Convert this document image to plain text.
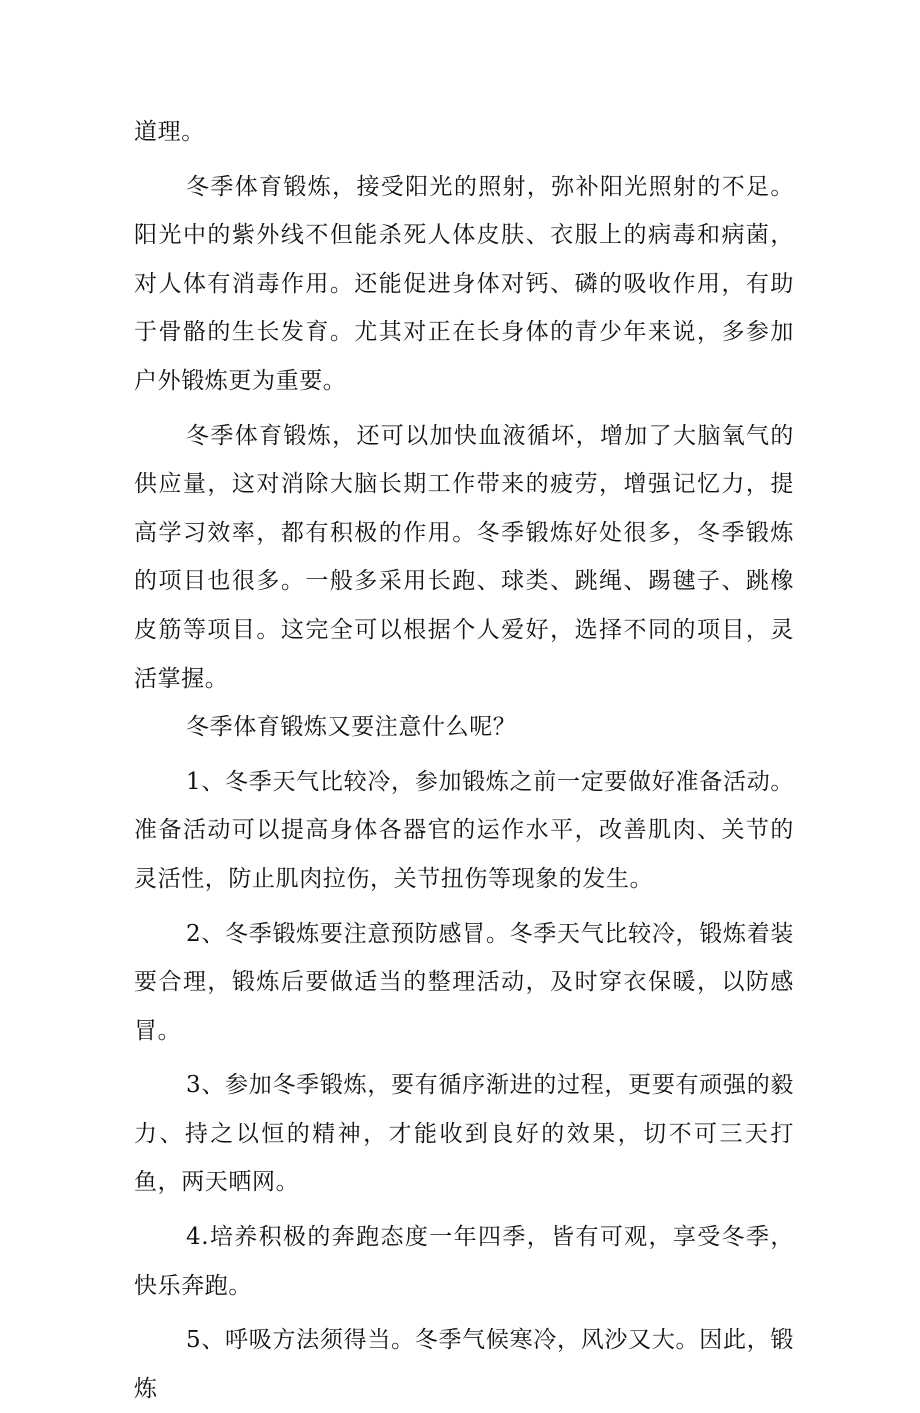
道理。

冬季体育锻炼，接受阳光的照射，弥补阳光照射的不足。阳光中的紫外线不但能杀死人体皮肤、衣服上的病毒和病菌，对人体有消毒作用。还能促进身体对钙、磷的吸收作用，有助于骨骼的生长发育。尤其对正在长身体的青少年来说，多参加户外锻炼更为重要。

冬季体育锻炼，还可以加快血液循坏，增加了大脑氧气的供应量，这对消除大脑长期工作带来的疲劳，增强记忆力，提高学习效率，都有积极的作用。冬季锻炼好处很多，冬季锻炼的项目也很多。一般多采用长跑、球类、跳绳、踢毽子、跳橡皮筋等项目。这完全可以根据个人爱好，选择不同的项目，灵活掌握。

冬季体育锻炼又要注意什么呢？

1、冬季天气比较冷，参加锻炼之前一定要做好准备活动。准备活动可以提高身体各器官的运作水平，改善肌肉、关节的灵活性，防止肌肉拉伤，关节扭伤等现象的发生。

2、冬季锻炼要注意预防感冒。冬季天气比较冷，锻炼着装要合理，锻炼后要做适当的整理活动，及时穿衣保暖，以防感冒。

3、参加冬季锻炼，要有循序渐进的过程，更要有顽强的毅力、持之以恒的精神，才能收到良好的效果，切不可三天打鱼，两天晒网。

4.培养积极的奔跑态度一年四季，皆有可观，享受冬季，快乐奔跑。

5、呼吸方法须得当。冬季气候寒冷，风沙又大。因此，锻炼
